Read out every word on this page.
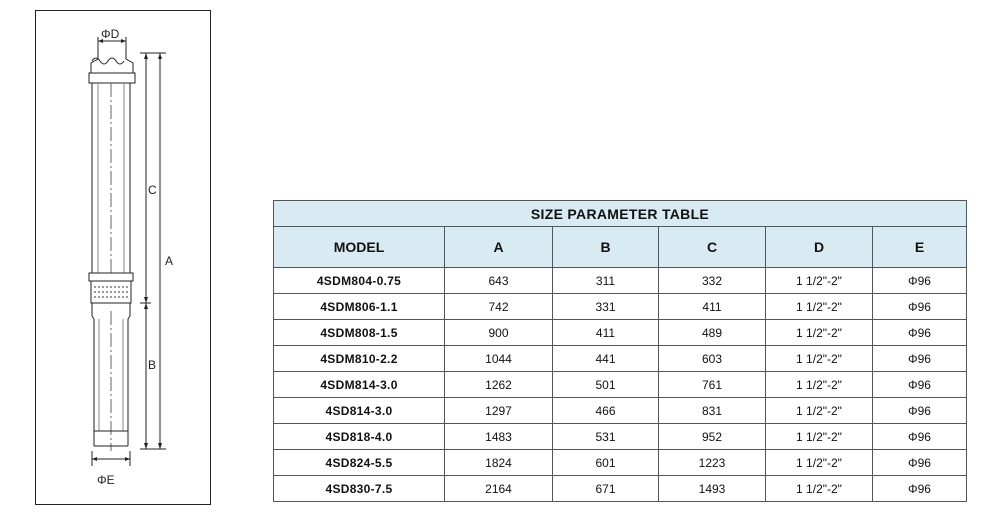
ΦD
C
A
B
ΦE
SIZE PARAMETER TABLE					
MODEL	A	B	C	D	E
4SDM804-0.75	643	311	332	1 1/2"-2"	Φ96
4SDM806-1.1	742	331	411	1 1/2"-2"	Φ96
4SDM808-1.5	900	411	489	1 1/2"-2"	Φ96
4SDM810-2.2	1044	441	603	1 1/2"-2"	Φ96
4SDM814-3.0	1262	501	761	1 1/2"-2"	Φ96
4SD814-3.0	1297	466	831	1 1/2"-2"	Φ96
4SD818-4.0	1483	531	952	1 1/2"-2"	Φ96
4SD824-5.5	1824	601	1223	1 1/2"-2"	Φ96
4SD830-7.5	2164	671	1493	1 1/2"-2"	Φ96
